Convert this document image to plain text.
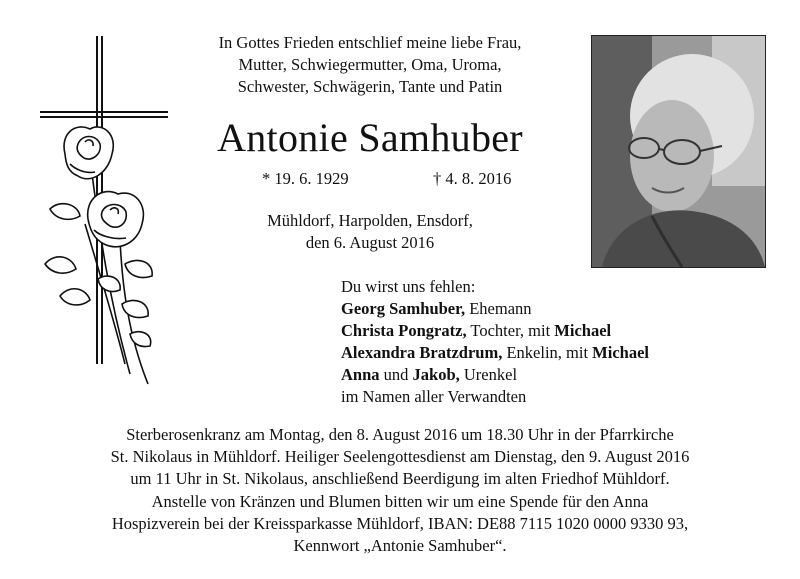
In Gottes Frieden entschlief meine liebe Frau,
Mutter, Schwiegermutter, Oma, Uroma,
Schwester, Schwägerin, Tante und Patin
Antonie Samhuber
* 19. 6. 1929	† 4. 8. 2016
Mühldorf, Harpolden, Ensdorf,
den 6. August 2016
Du wirst uns fehlen:
Georg Samhuber, Ehemann
Christa Pongratz, Tochter, mit Michael
Alexandra Bratzdrum, Enkelin, mit Michael
Anna und Jakob, Urenkel
im Namen aller Verwandten
Sterberosenkranz am Montag, den 8. August 2016 um 18.30 Uhr in der Pfarrkirche
St. Nikolaus in Mühldorf. Heiliger Seelengottesdienst am Dienstag, den 9. August 2016
um 11 Uhr in St. Nikolaus, anschließend Beerdigung im alten Friedhof Mühldorf.
Anstelle von Kränzen und Blumen bitten wir um eine Spende für den Anna
Hospizverein bei der Kreissparkasse Mühldorf, IBAN: DE88 7115 1020 0000 9330 93,
Kennwort „Antonie Samhuber“.
